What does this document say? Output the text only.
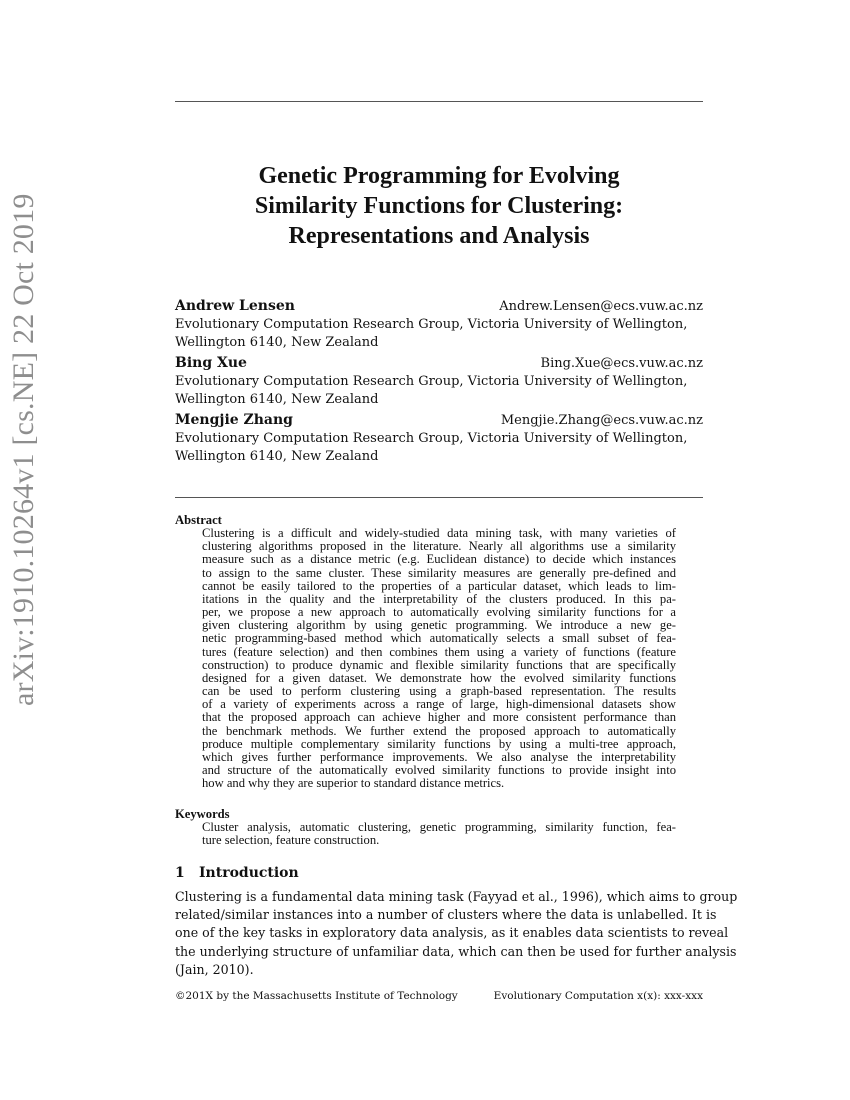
arXiv:1910.10264v1 [cs.NE] 22 Oct 2019
Genetic Programming for Evolving
Similarity Functions for Clustering:
Representations and Analysis
Andrew Lensen	Andrew.Lensen@ecs.vuw.ac.nz
Evolutionary Computation Research Group, Victoria University of Wellington,
Wellington 6140, New Zealand
Bing Xue	Bing.Xue@ecs.vuw.ac.nz
Evolutionary Computation Research Group, Victoria University of Wellington,
Wellington 6140, New Zealand
Mengjie Zhang	Mengjie.Zhang@ecs.vuw.ac.nz
Evolutionary Computation Research Group, Victoria University of Wellington,
Wellington 6140, New Zealand
Abstract
Clustering is a difficult and widely-studied data mining task, with many varieties of
clustering algorithms proposed in the literature. Nearly all algorithms use a similarity
measure such as a distance metric (e.g. Euclidean distance) to decide which instances
to assign to the same cluster. These similarity measures are generally pre-defined and
cannot be easily tailored to the properties of a particular dataset, which leads to lim-
itations in the quality and the interpretability of the clusters produced. In this pa-
per, we propose a new approach to automatically evolving similarity functions for a
given clustering algorithm by using genetic programming. We introduce a new ge-
netic programming-based method which automatically selects a small subset of fea-
tures (feature selection) and then combines them using a variety of functions (feature
construction) to produce dynamic and flexible similarity functions that are specifically
designed for a given dataset. We demonstrate how the evolved similarity functions
can be used to perform clustering using a graph-based representation. The results
of a variety of experiments across a range of large, high-dimensional datasets show
that the proposed approach can achieve higher and more consistent performance than
the benchmark methods. We further extend the proposed approach to automatically
produce multiple complementary similarity functions by using a multi-tree approach,
which gives further performance improvements. We also analyse the interpretability
and structure of the automatically evolved similarity functions to provide insight into
how and why they are superior to standard distance metrics.
Keywords
Cluster analysis, automatic clustering, genetic programming, similarity function, fea-
ture selection, feature construction.
1 Introduction
Clustering is a fundamental data mining task (Fayyad et al., 1996), which aims to group
related/similar instances into a number of clusters where the data is unlabelled. It is
one of the key tasks in exploratory data analysis, as it enables data scientists to reveal
the underlying structure of unfamiliar data, which can then be used for further analysis
(Jain, 2010).
©201X by the Massachusetts Institute of Technology	Evolutionary Computation x(x): xxx-xxx
